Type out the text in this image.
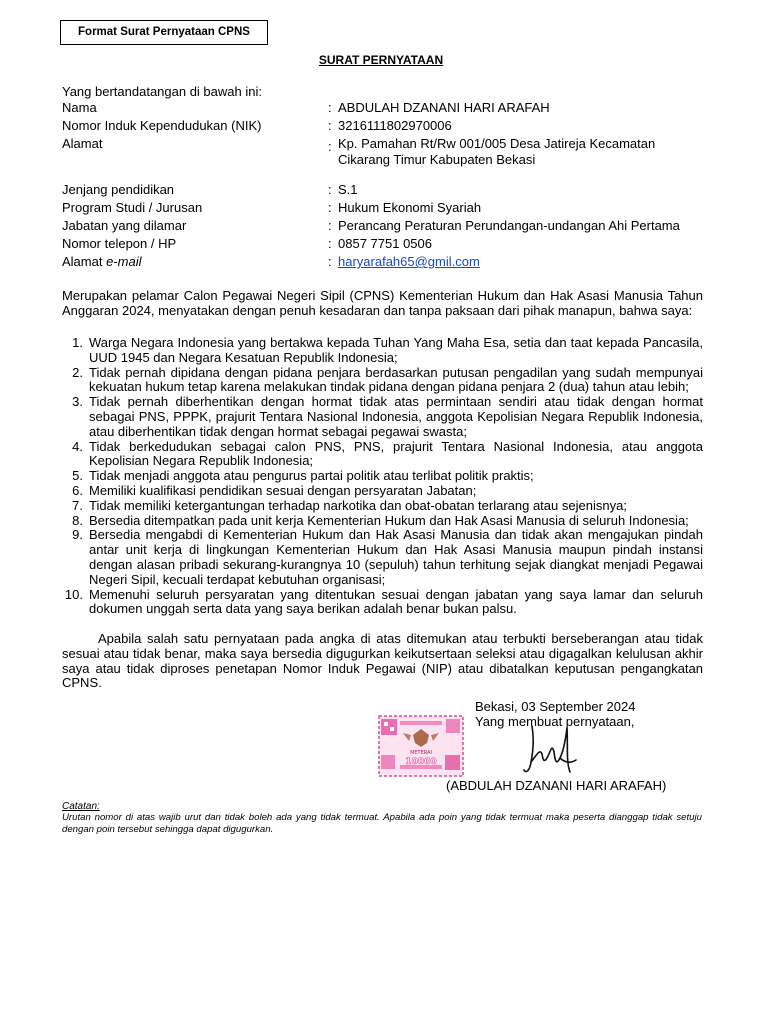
Format Surat Pernyataan CPNS
SURAT PERNYATAAN
Yang bertandatangan di bawah ini:
Nama	: ABDULAH DZANANI HARI ARAFAH
Nomor Induk Kependudukan (NIK)	: 3216111802970006
Alamat	: Kp. Pamahan Rt/Rw 001/005 Desa Jatireja Kecamatan
Cikarang Timur Kabupaten Bekasi
Jenjang pendidikan	: S.1
Program Studi / Jurusan	: Hukum Ekonomi Syariah
Jabatan yang dilamar	: Perancang Peraturan Perundangan-undangan Ahi Pertama
Nomor telepon / HP	: 0857 7751 0506
Alamat e-mail	: haryarafah65@gmil.com
Merupakan pelamar Calon Pegawai Negeri Sipil (CPNS) Kementerian Hukum dan Hak Asasi Manusia Tahun Anggaran 2024, menyatakan dengan penuh kesadaran dan tanpa paksaan dari pihak manapun, bahwa saya:
1. Warga Negara Indonesia yang bertakwa kepada Tuhan Yang Maha Esa, setia dan taat kepada Pancasila, UUD 1945 dan Negara Kesatuan Republik Indonesia;
2. Tidak pernah dipidana dengan pidana penjara berdasarkan putusan pengadilan yang sudah mempunyai kekuatan hukum tetap karena melakukan tindak pidana dengan pidana penjara 2 (dua) tahun atau lebih;
3. Tidak pernah diberhentikan dengan hormat tidak atas permintaan sendiri atau tidak dengan hormat sebagai PNS, PPPK, prajurit Tentara Nasional Indonesia, anggota Kepolisian Negara Republik Indonesia, atau diberhentikan tidak dengan hormat sebagai pegawai swasta;
4. Tidak berkedudukan sebagai calon PNS, PNS, prajurit Tentara Nasional Indonesia, atau anggota Kepolisian Negara Republik Indonesia;
5. Tidak menjadi anggota atau pengurus partai politik atau terlibat politik praktis;
6. Memiliki kualifikasi pendidikan sesuai dengan persyaratan Jabatan;
7. Tidak memiliki ketergantungan terhadap narkotika dan obat-obatan terlarang atau sejenisnya;
8. Bersedia ditempatkan pada unit kerja Kementerian Hukum dan Hak Asasi Manusia di seluruh Indonesia;
9. Bersedia mengabdi di Kementerian Hukum dan Hak Asasi Manusia dan tidak akan mengajukan pindah antar unit kerja di lingkungan Kementerian Hukum dan Hak Asasi Manusia maupun pindah instansi dengan alasan pribadi sekurang-kurangnya 10 (sepuluh) tahun terhitung sejak diangkat menjadi Pegawai Negeri Sipil, kecuali terdapat kebutuhan organisasi;
10. Memenuhi seluruh persyaratan yang ditentukan sesuai dengan jabatan yang saya lamar dan seluruh dokumen unggah serta data yang saya berikan adalah benar bukan palsu.
Apabila salah satu pernyataan pada angka di atas ditemukan atau terbukti berseberangan atau tidak sesuai atau tidak benar, maka saya bersedia digugurkan keikutsertaan seleksi atau digagalkan kelulusan akhir saya atau tidak diproses penetapan Nomor Induk Pegawai (NIP) atau dibatalkan keputusan pengangkatan CPNS.
Bekasi, 03 September 2024
Yang membuat pernyataan,
METERAI
10000
(ABDULAH DZANANI HARI ARAFAH)
Catatan:
Urutan nomor di atas wajib urut dan tidak boleh ada yang tidak termuat. Apabila ada poin yang tidak termuat maka peserta dianggap tidak setuju dengan poin tersebut sehingga dapat digugurkan.
